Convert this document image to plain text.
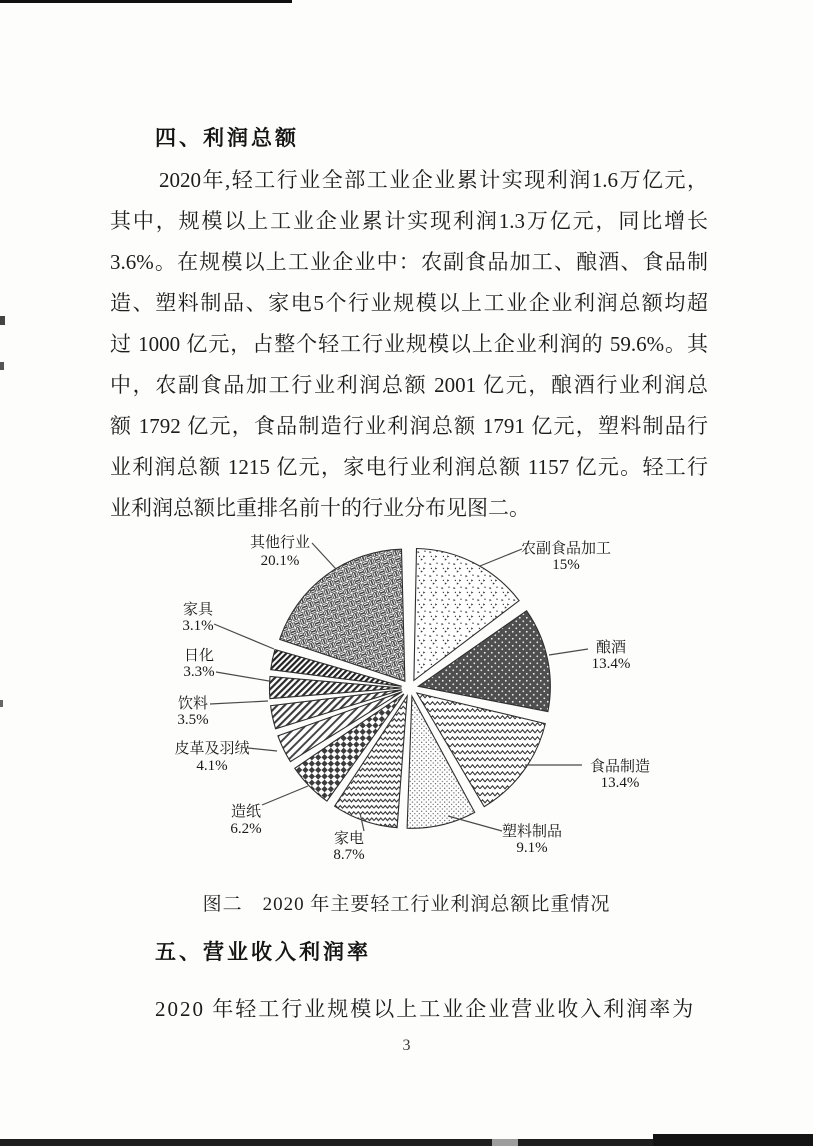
四、利润总额
2020年,轻工行业全部工业企业累计实现利润1.6万亿元，
其中，规模以上工业企业累计实现利润1.3万亿元，同比增长
3.6%。在规模以上工业企业中：农副食品加工、酿酒、食品制
造、塑料制品、家电5个行业规模以上工业企业利润总额均超
过 1000 亿元，占整个轻工行业规模以上企业利润的 59.6%。其
中，农副食品加工行业利润总额 2001 亿元，酿酒行业利润总
额 1792 亿元，食品制造行业利润总额 1791 亿元，塑料制品行
业利润总额 1215 亿元，家电行业利润总额 1157 亿元。轻工行
业利润总额比重排名前十的行业分布见图二。
农副食品加工 15%
酿酒 13.4%
食品制造 13.4%
塑料制品 9.1%
家电 8.7%
造纸 6.2%
皮革及羽绒 4.1%
饮料 3.5%
日化 3.3%
家具 3.1%
其他行业 20.1%
图二　2020 年主要轻工行业利润总额比重情况
五、营业收入利润率
2020 年轻工行业规模以上工业企业营业收入利润率为
3
